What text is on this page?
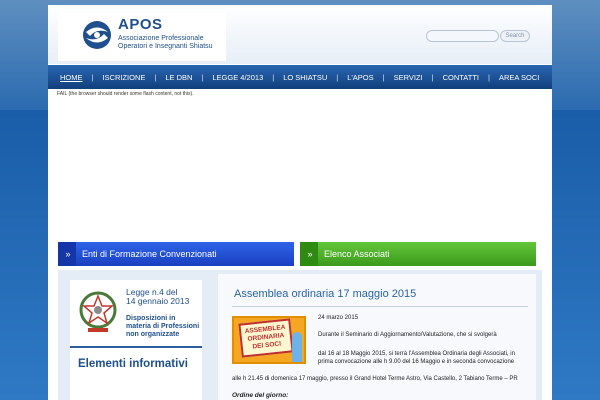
APOS
Associazione Professionale
Operatori e Insegnanti Shiatsu
Search
HOME | ISCRIZIONE | LE DBN | LEGGE 4/2013 | LO SHIATSU | L'APOS | SERVIZI | CONTATTI | AREA SOCI
FAIL (the browser should render some flash content, not this).
»	Enti di Formazione Convenzionati	»	Elenco Associati
Legge n.4 del
14 gennaio 2013
Disposizioni in
materia di Professioni
non organizzate
Elementi informativi
Assemblea ordinaria 17 maggio 2015
ASSEMBLEA
ORDINARIA
DEI SOCI
24 marzo 2015
Durante il Seminario di Aggiornamento/Valutazione, che si svolgerà
dal 16 al 18 Maggio 2015, si terrà l'Assemblea Ordinaria degli Associati, in prima convocazione alle h 9.00 del 16 Maggio e in seconda convocazione
alle h 21.45 di domenica 17 maggio, presso il Grand Hotel Terme Astro, Via Castello, 2 Tabiano Terme – PR
Ordine del giorno:
